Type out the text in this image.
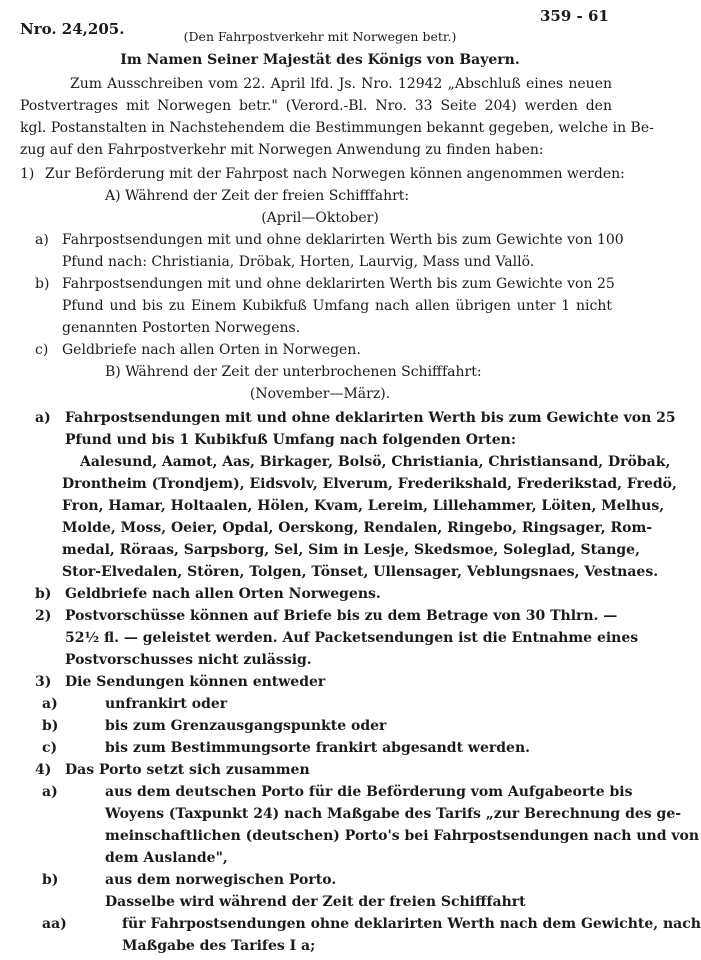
Nro. 24,205.
359 - 61
(Den Fahrpostverkehr mit Norwegen betr.)
Im Namen Seiner Majestät des Königs von Bayern.
Zum Ausschreiben vom 22. April lfd. Js. Nro. 12942 „Abschluß eines neuen
Postvertrages mit Norwegen betr." (Verord.-Bl. Nro. 33 Seite 204) werden den
kgl. Postanstalten in Nachstehendem die Bestimmungen bekannt gegeben, welche in Be-
zug auf den Fahrpostverkehr mit Norwegen Anwendung zu finden haben:
1) Zur Beförderung mit der Fahrpost nach Norwegen können angenommen werden:
A) Während der Zeit der freien Schifffahrt:
(April—Oktober)
a) Fahrpostsendungen mit und ohne deklarirten Werth bis zum Gewichte von 100
Pfund nach: Christiania, Dröbak, Horten, Laurvig, Mass und Vallö.
b) Fahrpostsendungen mit und ohne deklarirten Werth bis zum Gewichte von 25
Pfund und bis zu Einem Kubikfuß Umfang nach allen übrigen unter 1 nicht
genannten Postorten Norwegens.
c) Geldbriefe nach allen Orten in Norwegen.
B) Während der Zeit der unterbrochenen Schifffahrt:
(November—März).
a) Fahrpostsendungen mit und ohne deklarirten Werth bis zum Gewichte von 25
Pfund und bis 1 Kubikfuß Umfang nach folgenden Orten:
Aalesund, Aamot, Aas, Birkager, Bolsö, Christiania, Christiansand, Dröbak,
Drontheim (Trondjem), Eidsvolv, Elverum, Frederikshald, Frederikstad, Fredö,
Fron, Hamar, Holtaalen, Hölen, Kvam, Lereim, Lillehammer, Löiten, Melhus,
Molde, Moss, Oeier, Opdal, Oerskong, Rendalen, Ringebo, Ringsager, Rom-
medal, Röraas, Sarpsborg, Sel, Sim in Lesje, Skedsmoe, Soleglad, Stange,
Stor-Elvedalen, Stören, Tolgen, Tönset, Ullensager, Veblungsnaes, Vestnaes.
b) Geldbriefe nach allen Orten Norwegens.
2) Postvorschüsse können auf Briefe bis zu dem Betrage von 30 Thlrn. —
52½ fl. — geleistet werden. Auf Packetsendungen ist die Entnahme eines
Postvorschusses nicht zulässig.
3) Die Sendungen können entweder
a)	unfrankirt oder
b)	bis zum Grenzausgangspunkte oder
c)	bis zum Bestimmungsorte frankirt abgesandt werden.
4) Das Porto setzt sich zusammen
a)	aus dem deutschen Porto für die Beförderung vom Aufgabeorte bis
Woyens (Taxpunkt 24) nach Maßgabe des Tarifs „zur Berechnung des ge-
meinschaftlichen (deutschen) Porto's bei Fahrpostsendungen nach und von
dem Auslande",
b)	aus dem norwegischen Porto.
Dasselbe wird während der Zeit der freien Schifffahrt
aa)	für Fahrpostsendungen ohne deklarirten Werth nach dem Gewichte, nach
Maßgabe des Tarifes I a;
